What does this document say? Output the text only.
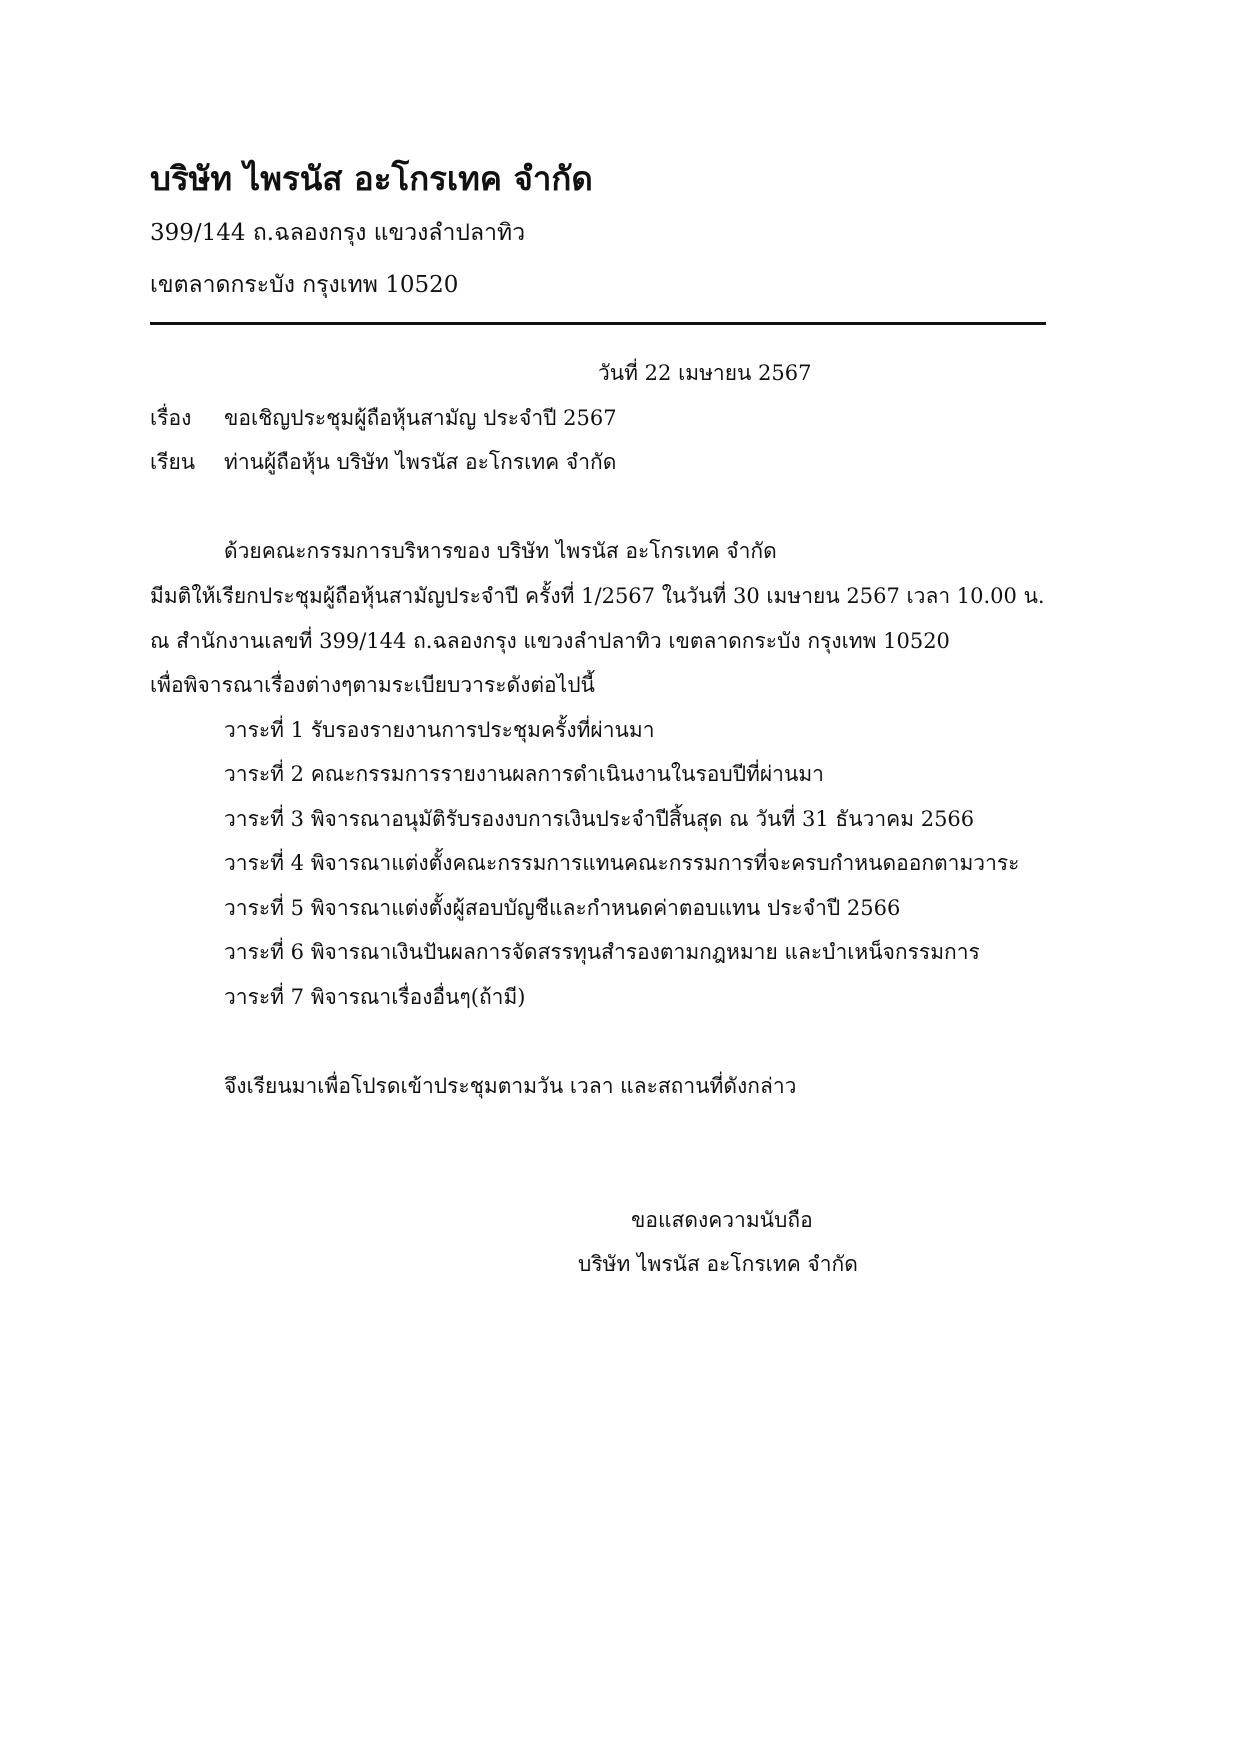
บริษัท ไพรนัส อะโกรเทค จำกัด
399/144 ถ.ฉลองกรุง แขวงลำปลาทิว
เขตลาดกระบัง กรุงเทพ 10520
วันที่ 22 เมษายน 2567
เรื่อง ขอเชิญประชุมผู้ถือหุ้นสามัญ ประจำปี 2567
เรียน ท่านผู้ถือหุ้น บริษัท ไพรนัส อะโกรเทค จำกัด
ด้วยคณะกรรมการบริหารของ บริษัท ไพรนัส อะโกรเทค จำกัด
มีมติให้เรียกประชุมผู้ถือหุ้นสามัญประจำปี ครั้งที่ 1/2567 ในวันที่ 30 เมษายน 2567 เวลา 10.00 น.
ณ สำนักงานเลขที่ 399/144 ถ.ฉลองกรุง แขวงลำปลาทิว เขตลาดกระบัง กรุงเทพ 10520
เพื่อพิจารณาเรื่องต่างๆตามระเบียบวาระดังต่อไปนี้
วาระที่ 1 รับรองรายงานการประชุมครั้งที่ผ่านมา
วาระที่ 2 คณะกรรมการรายงานผลการดำเนินงานในรอบปีที่ผ่านมา
วาระที่ 3 พิจารณาอนุมัติรับรองงบการเงินประจำปีสิ้นสุด ณ วันที่ 31 ธันวาคม 2566
วาระที่ 4 พิจารณาแต่งตั้งคณะกรรมการแทนคณะกรรมการที่จะครบกำหนดออกตามวาระ
วาระที่ 5 พิจารณาแต่งตั้งผู้สอบบัญชีและกำหนดค่าตอบแทน ประจำปี 2566
วาระที่ 6 พิจารณาเงินปันผลการจัดสรรทุนสำรองตามกฎหมาย และบำเหน็จกรรมการ
วาระที่ 7 พิจารณาเรื่องอื่นๆ(ถ้ามี)
จึงเรียนมาเพื่อโปรดเข้าประชุมตามวัน เวลา และสถานที่ดังกล่าว
ขอแสดงความนับถือ
บริษัท ไพรนัส อะโกรเทค จำกัด
